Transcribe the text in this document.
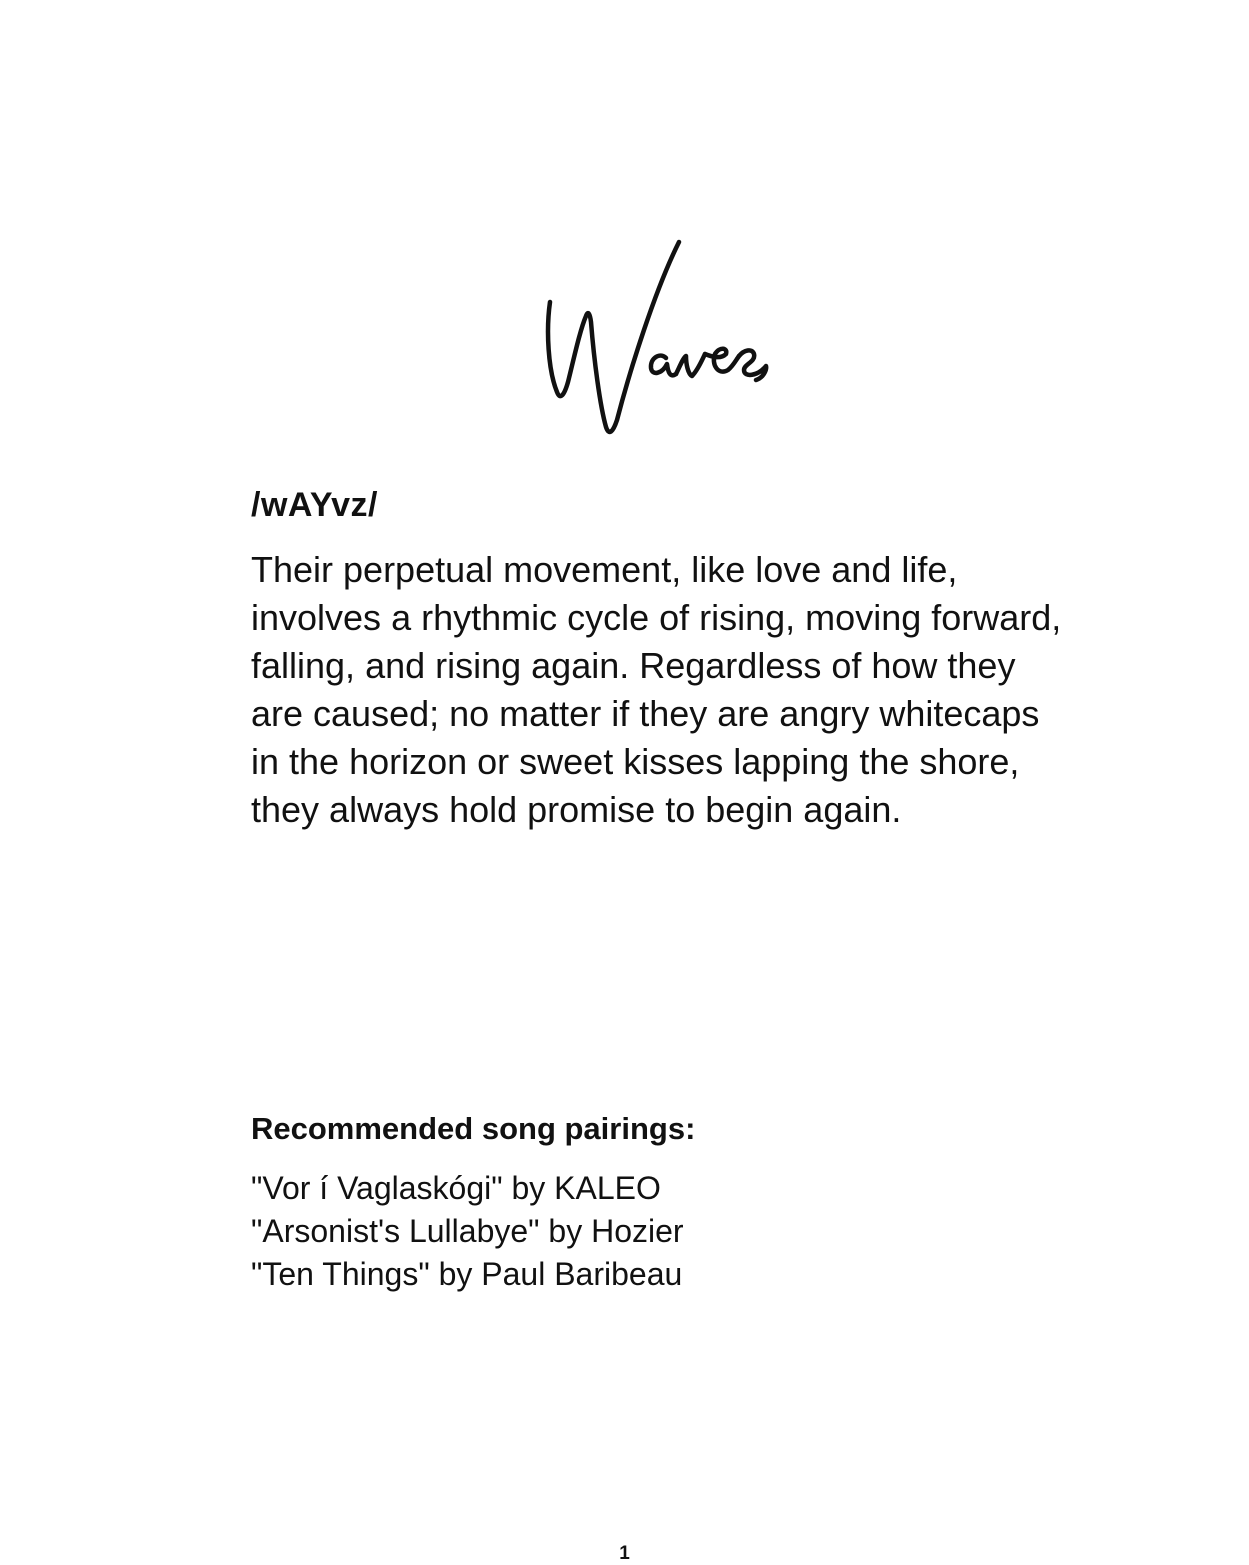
/wAYvz/

Their perpetual movement, like love and life, involves a rhythmic cycle of rising, moving forward, falling, and rising again. Regardless of how they are caused; no matter if they are angry whitecaps in the horizon or sweet kisses lapping the shore, they always hold promise to begin again.

Recommended song pairings:
"Vor í Vaglaskógi" by KALEO
"Arsonist's Lullabye" by Hozier
"Ten Things" by Paul Baribeau
1
